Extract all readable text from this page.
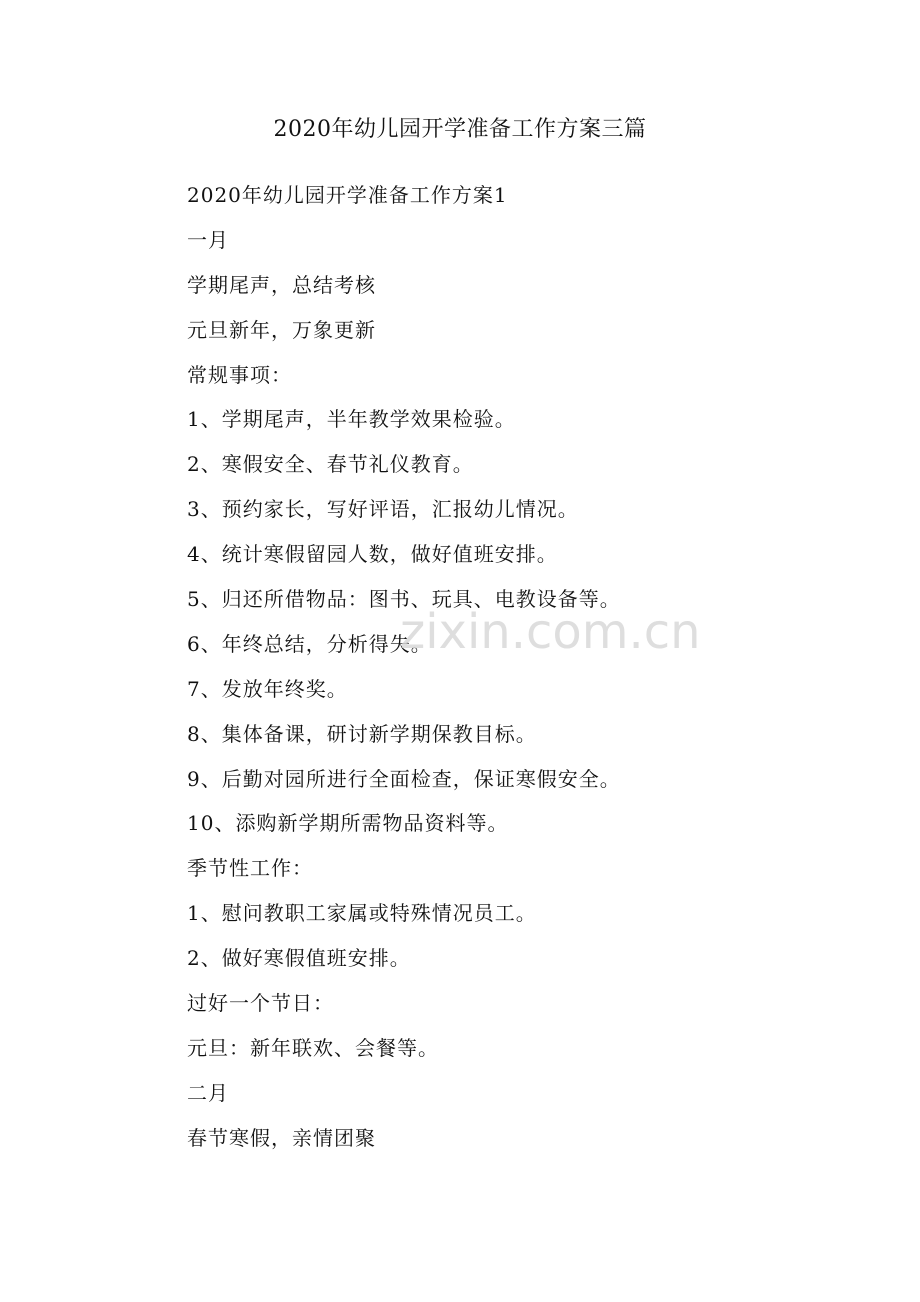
2020年幼儿园开学准备工作方案三篇
2020年幼儿园开学准备工作方案1
一月
学期尾声，总结考核
元旦新年，万象更新
常规事项：
1、学期尾声，半年教学效果检验。
2、寒假安全、春节礼仪教育。
3、预约家长，写好评语，汇报幼儿情况。
4、统计寒假留园人数，做好值班安排。
5、归还所借物品：图书、玩具、电教设备等。
6、年终总结，分析得失。
7、发放年终奖。
8、集体备课，研讨新学期保教目标。
9、后勤对园所进行全面检查，保证寒假安全。
10、添购新学期所需物品资料等。
季节性工作：
1、慰问教职工家属或特殊情况员工。
2、做好寒假值班安排。
过好一个节日：
元旦：新年联欢、会餐等。
二月
春节寒假，亲情团聚
zixin.com.cn
